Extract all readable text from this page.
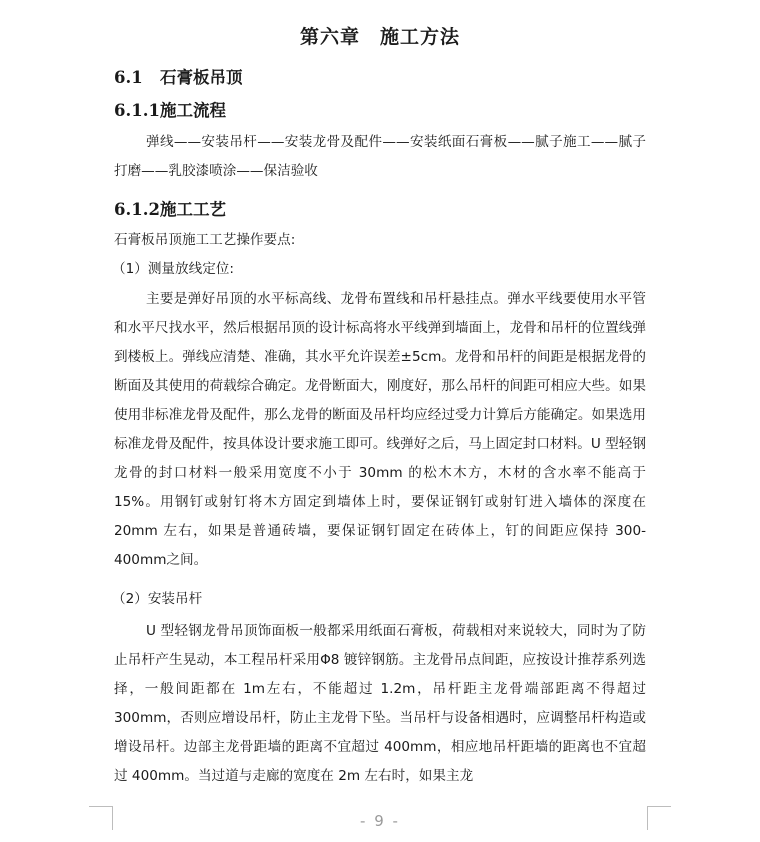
第六章　施工方法
6.1 石膏板吊顶
6.1.1施工流程

弹线——安装吊杆——安装龙骨及配件——安装纸面石膏板——腻子施工——腻子打磨——乳胶漆喷涂——保洁验收

6.1.2施工工艺
石膏板吊顶施工工艺操作要点:
（1）测量放线定位:

主要是弹好吊顶的水平标高线、龙骨布置线和吊杆悬挂点。弹水平线要使用水平管和水平尺找水平，然后根据吊顶的设计标高将水平线弹到墙面上，龙骨和吊杆的位置线弹到楼板上。弹线应清楚、准确，其水平允许误差±5cm。龙骨和吊杆的间距是根据龙骨的断面及其使用的荷载综合确定。龙骨断面大，刚度好，那么吊杆的间距可相应大些。如果使用非标准龙骨及配件，那么龙骨的断面及吊杆均应经过受力计算后方能确定。如果选用标准龙骨及配件，按具体设计要求施工即可。线弹好之后，马上固定封口材料。U 型轻钢龙骨的封口材料一般采用宽度不小于 30mm 的松木木方，木材的含水率不能高于 15%。用钢钉或射钉将木方固定到墙体上时，要保证钢钉或射钉进入墙体的深度在 20mm 左右，如果是普通砖墙，要保证钢钉固定在砖体上，钉的间距应保持 300-400mm之间。

（2）安装吊杆

U 型轻钢龙骨吊顶饰面板一般都采用纸面石膏板，荷载相对来说较大，同时为了防止吊杆产生晃动，本工程吊杆采用Φ8 镀锌钢筋。主龙骨吊点间距，应按设计推荐系列选择，一般间距都在 1m左右，不能超过 1.2m，吊杆距主龙骨端部距离不得超过 300mm，否则应增设吊杆，防止主龙骨下坠。当吊杆与设备相遇时，应调整吊杆构造或增设吊杆。边部主龙骨距墙的距离不宜超过 400mm，相应地吊杆距墙的距离也不宜超过 400mm。当过道与走廊的宽度在 2m 左右时，如果主龙

- 9 -
